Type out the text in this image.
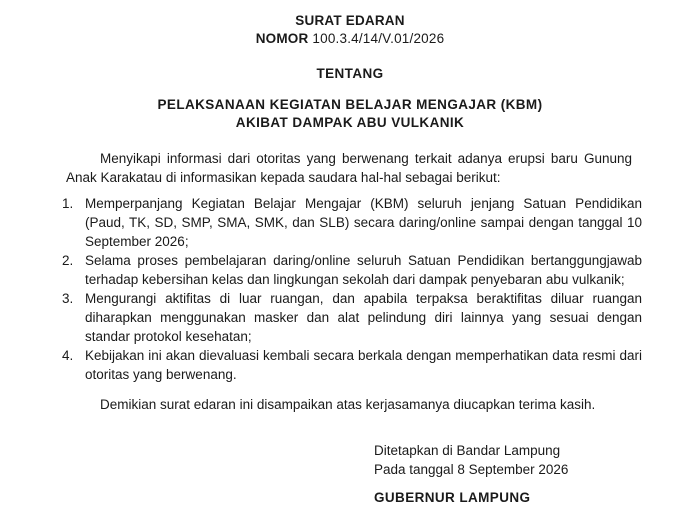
SURAT EDARAN
NOMOR 100.3.4/14/V.01/2026
TENTANG
PELAKSANAAN KEGIATAN BELAJAR MENGAJAR (KBM)
AKIBAT DAMPAK ABU VULKANIK
Menyikapi informasi dari otoritas yang berwenang terkait adanya erupsi baru Gunung Anak Karakatau di informasikan kepada saudara hal-hal sebagai berikut:
1. Memperpanjang Kegiatan Belajar Mengajar (KBM) seluruh jenjang Satuan Pendidikan (Paud, TK, SD, SMP, SMA, SMK, dan SLB) secara daring/online sampai dengan tanggal 10 September 2026;
2. Selama proses pembelajaran daring/online seluruh Satuan Pendidikan bertanggungjawab terhadap kebersihan kelas dan lingkungan sekolah dari dampak penyebaran abu vulkanik;
3. Mengurangi aktifitas di luar ruangan, dan apabila terpaksa beraktifitas diluar ruangan diharapkan menggunakan masker dan alat pelindung diri lainnya yang sesuai dengan standar protokol kesehatan;
4. Kebijakan ini akan dievaluasi kembali secara berkala dengan memperhatikan data resmi dari otoritas yang berwenang.
Demikian surat edaran ini disampaikan atas kerjasamanya diucapkan terima kasih.
Ditetapkan di Bandar Lampung
Pada tanggal 8 September 2026
GUBERNUR LAMPUNG
